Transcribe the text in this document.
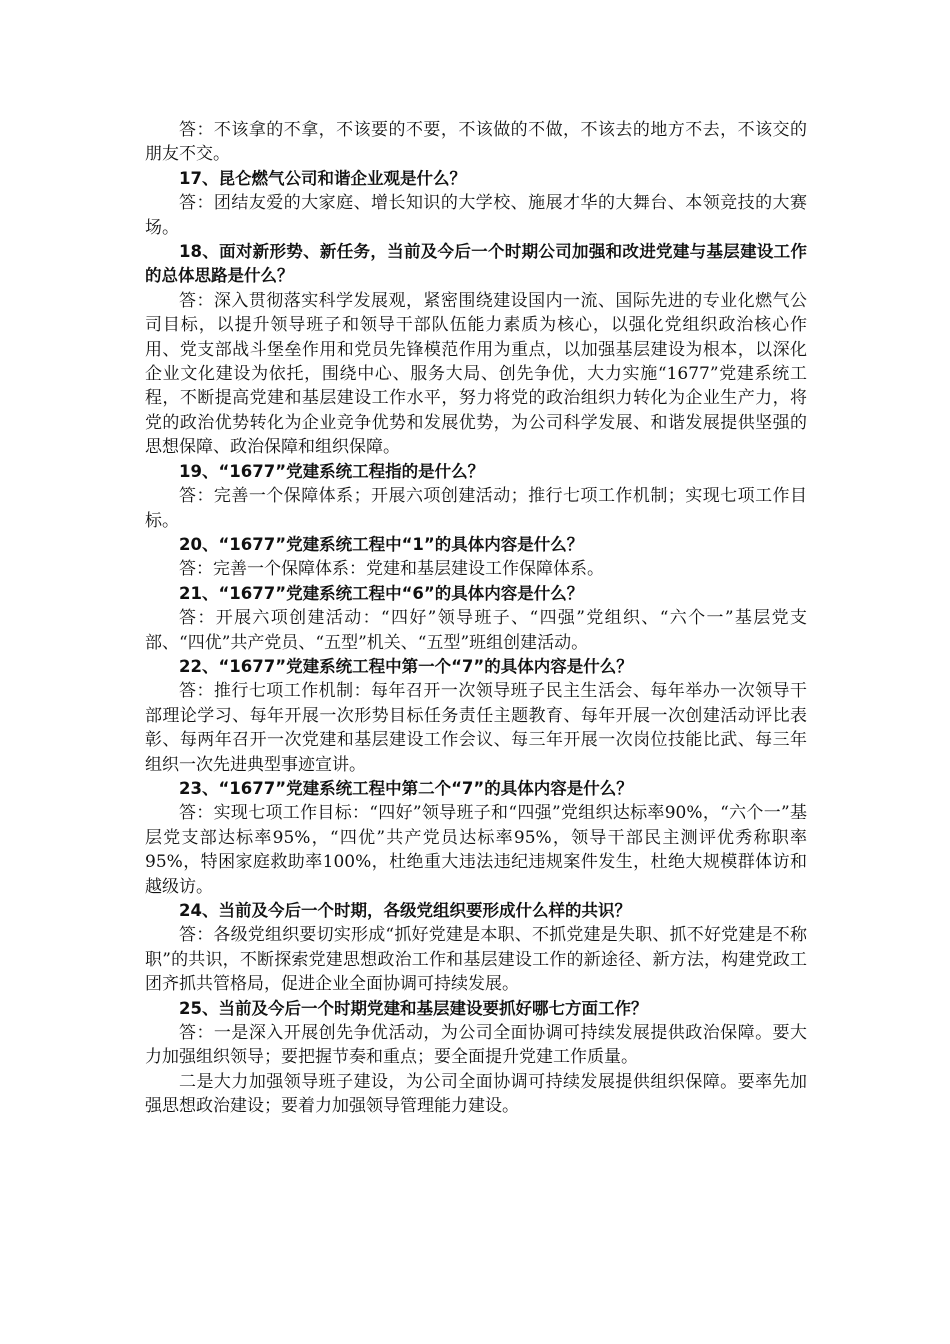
答：不该拿的不拿，不该要的不要，不该做的不做，不该去的地方不去，不该交的朋友不交。

17、昆仑燃气公司和谐企业观是什么？

答：团结友爱的大家庭、增长知识的大学校、施展才华的大舞台、本领竞技的大赛场。

18、面对新形势、新任务，当前及今后一个时期公司加强和改进党建与基层建设工作的总体思路是什么？

答：深入贯彻落实科学发展观，紧密围绕建设国内一流、国际先进的专业化燃气公司目标，以提升领导班子和领导干部队伍能力素质为核心，以强化党组织政治核心作用、党支部战斗堡垒作用和党员先锋模范作用为重点，以加强基层建设为根本，以深化企业文化建设为依托，围绕中心、服务大局、创先争优，大力实施“1677”党建系统工程，不断提高党建和基层建设工作水平，努力将党的政治组织力转化为企业生产力，将党的政治优势转化为企业竞争优势和发展优势，为公司科学发展、和谐发展提供坚强的思想保障、政治保障和组织保障。

19、“1677”党建系统工程指的是什么？

答：完善一个保障体系；开展六项创建活动；推行七项工作机制；实现七项工作目标。

20、“1677”党建系统工程中“1”的具体内容是什么？

答：完善一个保障体系：党建和基层建设工作保障体系。

21、“1677”党建系统工程中“6”的具体内容是什么？

答：开展六项创建活动：“四好”领导班子、“四强”党组织、“六个一”基层党支部、“四优”共产党员、“五型”机关、“五型”班组创建活动。

22、“1677”党建系统工程中第一个“7”的具体内容是什么？

答：推行七项工作机制：每年召开一次领导班子民主生活会、每年举办一次领导干部理论学习、每年开展一次形势目标任务责任主题教育、每年开展一次创建活动评比表彰、每两年召开一次党建和基层建设工作会议、每三年开展一次岗位技能比武、每三年组织一次先进典型事迹宣讲。

23、“1677”党建系统工程中第二个“7”的具体内容是什么？

答：实现七项工作目标：“四好”领导班子和“四强”党组织达标率90%，“六个一”基层党支部达标率95%，“四优”共产党员达标率95%，领导干部民主测评优秀称职率95%，特困家庭救助率100%，杜绝重大违法违纪违规案件发生，杜绝大规模群体访和越级访。

24、当前及今后一个时期，各级党组织要形成什么样的共识？

答：各级党组织要切实形成“抓好党建是本职、不抓党建是失职、抓不好党建是不称职”的共识，不断探索党建思想政治工作和基层建设工作的新途径、新方法，构建党政工团齐抓共管格局，促进企业全面协调可持续发展。

25、当前及今后一个时期党建和基层建设要抓好哪七方面工作？

答：一是深入开展创先争优活动，为公司全面协调可持续发展提供政治保障。要大力加强组织领导；要把握节奏和重点；要全面提升党建工作质量。

二是大力加强领导班子建设，为公司全面协调可持续发展提供组织保障。要率先加强思想政治建设；要着力加强领导管理能力建设。
